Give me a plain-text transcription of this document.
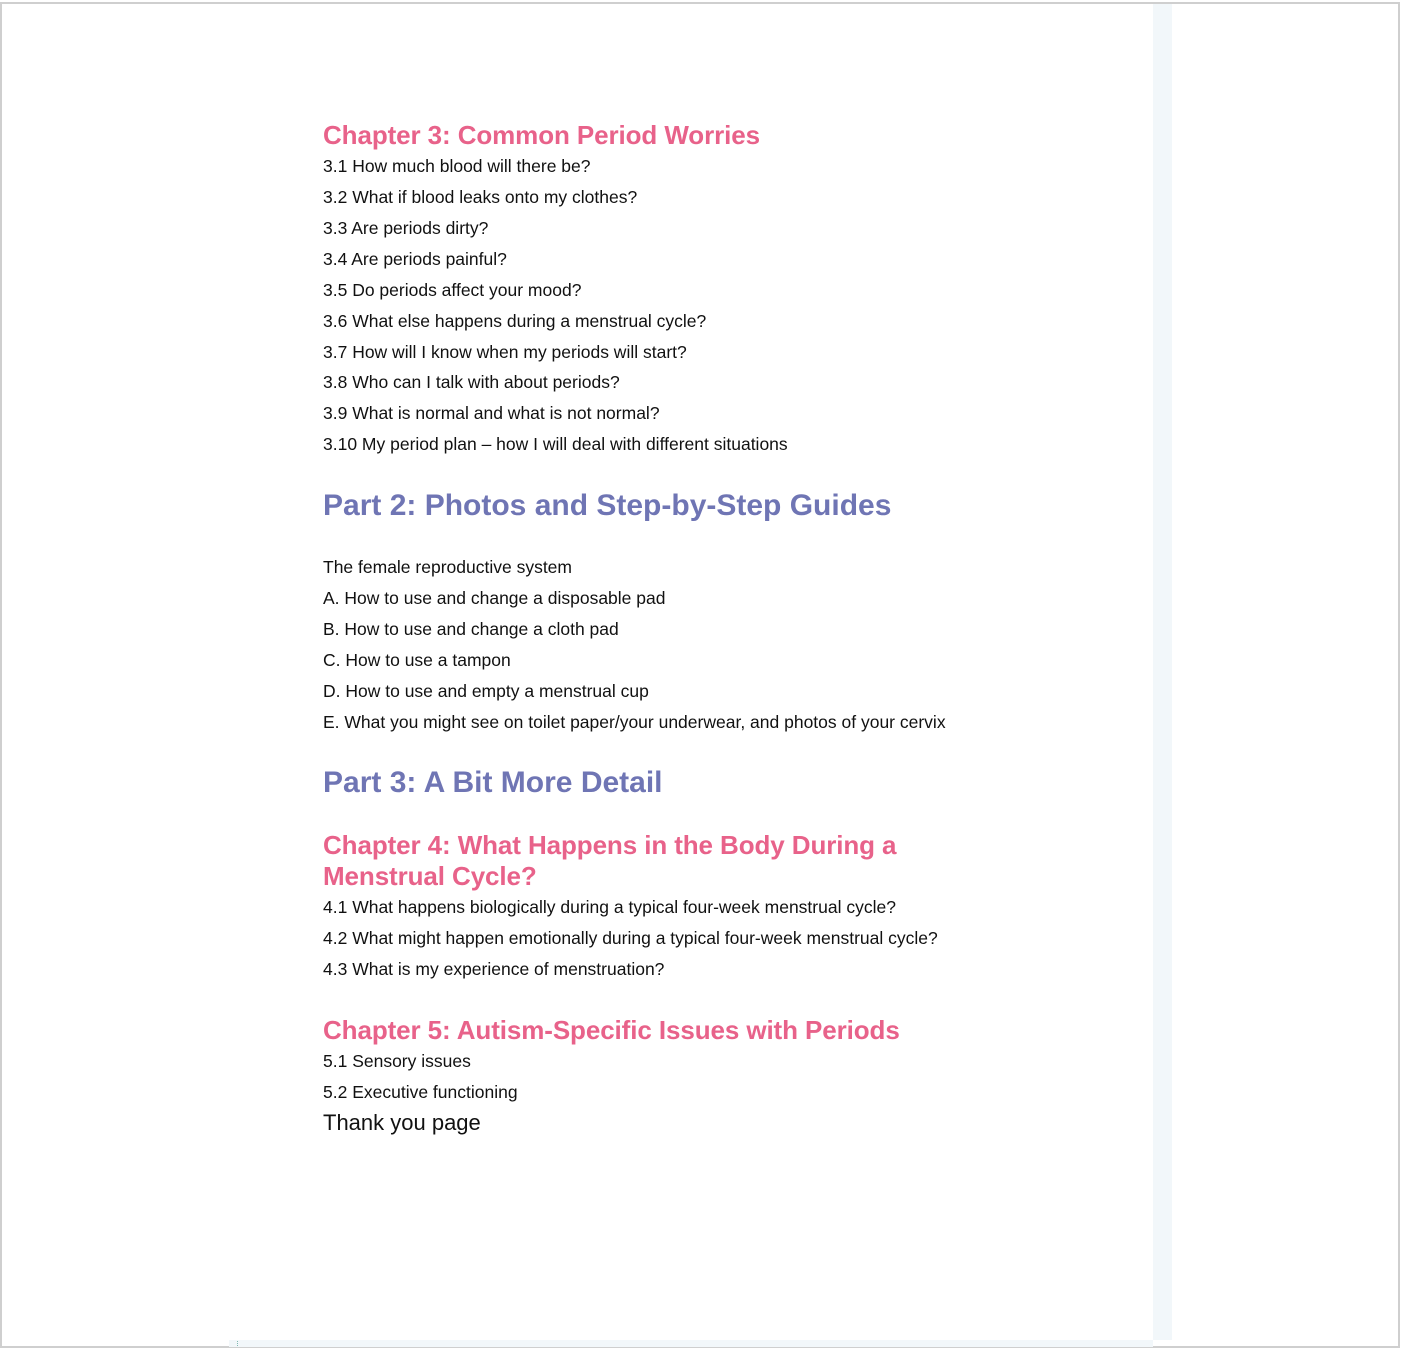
Chapter 3: Common Period Worries

3.1 How much blood will there be?

3.2 What if blood leaks onto my clothes?

3.3 Are periods dirty?

3.4 Are periods painful?

3.5 Do periods affect your mood?

3.6 What else happens during a menstrual cycle?

3.7 How will I know when my periods will start?

3.8 Who can I talk with about periods?

3.9 What is normal and what is not normal?

3.10 My period plan – how I will deal with different situations

Part 2: Photos and Step-by-Step Guides

The female reproductive system

A. How to use and change a disposable pad

B. How to use and change a cloth pad

C. How to use a tampon

D. How to use and empty a menstrual cup

E. What you might see on toilet paper/your underwear, and photos of your cervix

Part 3: A Bit More Detail
Chapter 4: What Happens in the Body During a
Menstrual Cycle?

4.1 What happens biologically during a typical four-week menstrual cycle?

4.2 What might happen emotionally during a typical four-week menstrual cycle?

4.3 What is my experience of menstruation?

Chapter 5: Autism-Specific Issues with Periods

5.1 Sensory issues

5.2 Executive functioning

Thank you page
